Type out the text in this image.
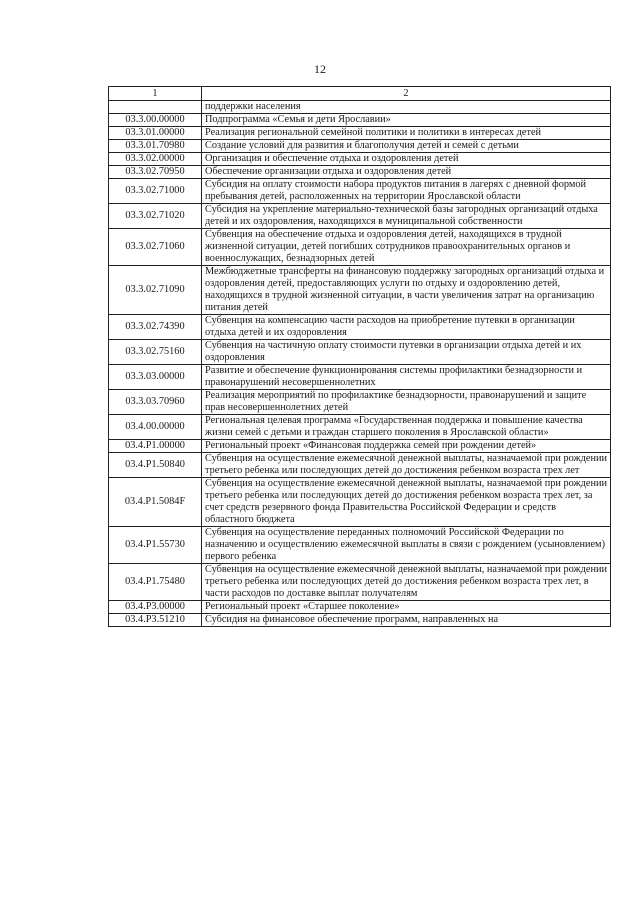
12
1	2
	поддержки населения
03.3.00.00000	Подпрограмма «Семья и дети Ярославии»
03.3.01.00000	Реализация региональной семейной политики и политики в интересах детей
03.3.01.70980	Создание условий для развития и благополучия детей и семей с детьми
03.3.02.00000	Организация и обеспечение отдыха и оздоровления детей
03.3.02.70950	Обеспечение организации отдыха и оздоровления детей
03.3.02.71000	Субсидия на оплату стоимости набора продуктов питания в лагерях с дневной формой пребывания детей, расположенных на территории Ярославской области
03.3.02.71020	Субсидия на укрепление материально-технической базы загородных организаций отдыха детей и их оздоровления, находящихся в муниципальной собственности
03.3.02.71060	Субвенция на обеспечение отдыха и оздоровления детей, находящихся в трудной жизненной ситуации, детей погибших сотрудников правоохранительных органов и военнослужащих, безнадзорных детей
03.3.02.71090	Межбюджетные трансферты на финансовую поддержку загородных организаций отдыха и оздоровления детей, предоставляющих услуги по отдыху и оздоровлению детей, находящихся в трудной жизненной ситуации, в части увеличения затрат на организацию питания детей
03.3.02.74390	Субвенция на компенсацию части расходов на приобретение путевки в организации отдыха детей и их оздоровления
03.3.02.75160	Субвенция на частичную оплату стоимости путевки в организации отдыха детей и их оздоровления
03.3.03.00000	Развитие и обеспечение функционирования системы профилактики безнадзорности и правонарушений несовершеннолетних
03.3.03.70960	Реализация мероприятий по профилактике безнадзорности, правонарушений и защите прав несовершеннолетних детей
03.4.00.00000	Региональная целевая программа «Государственная поддержка и повышение качества жизни семей с детьми и граждан старшего поколения в Ярославской области»
03.4.P1.00000	Региональный проект «Финансовая поддержка семей при рождении детей»
03.4.P1.50840	Субвенция на осуществление ежемесячной денежной выплаты, назначаемой при рождении третьего ребенка или последующих детей до достижения ребенком возраста трех лет
03.4.P1.5084F	Субвенция на осуществление ежемесячной денежной выплаты, назначаемой при рождении третьего ребенка или последующих детей до достижения ребенком возраста трех лет, за счет средств резервного фонда Правительства Российской Федерации и средств областного бюджета
03.4.P1.55730	Субвенция на осуществление переданных полномочий Российской Федерации по назначению и осуществлению ежемесячной выплаты в связи с рождением (усыновлением) первого ребенка
03.4.P1.75480	Субвенция на осуществление ежемесячной денежной выплаты, назначаемой при рождении третьего ребенка или последующих детей до достижения ребенком возраста трех лет, в части расходов по доставке выплат получателям
03.4.P3.00000	Региональный проект «Старшее поколение»
03.4.P3.51210	Субсидия на финансовое обеспечение программ, направленных на
